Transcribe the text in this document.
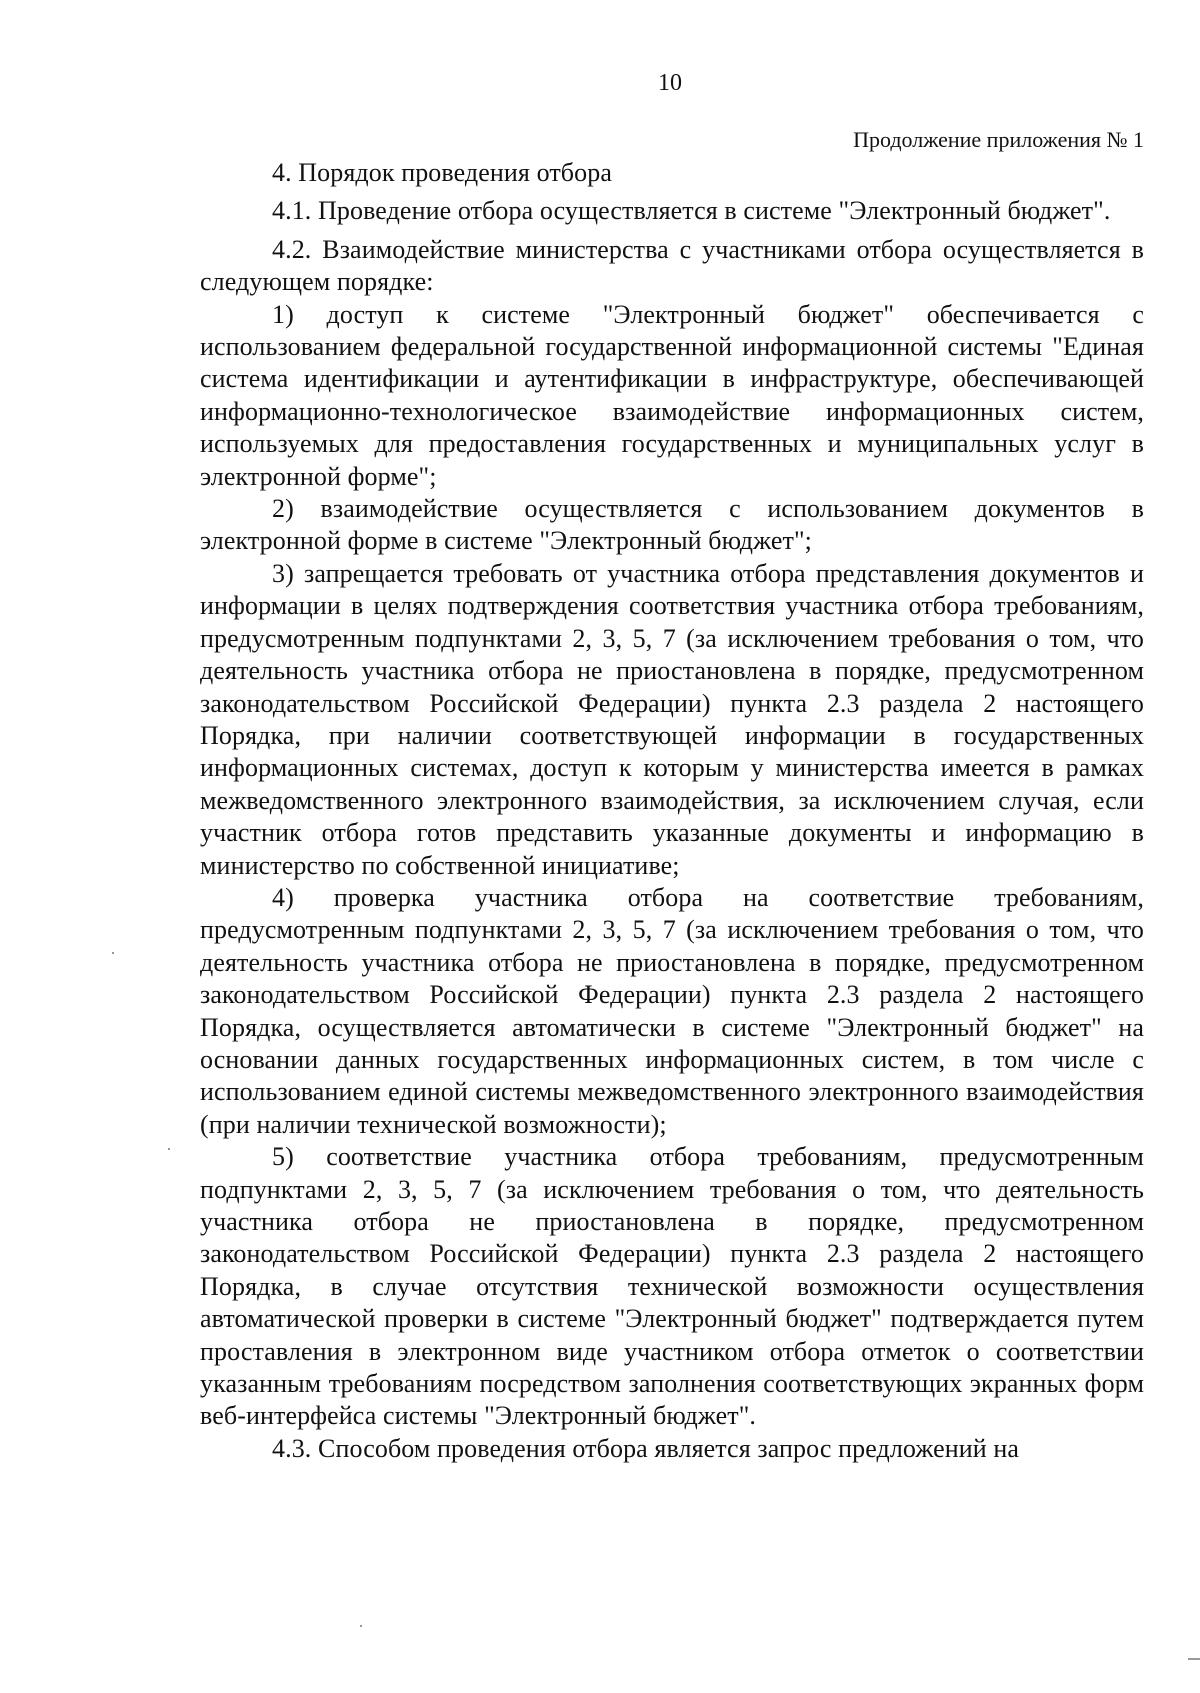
10
Продолжение приложения № 1

4. Порядок проведения отбора

4.1. Проведение отбора осуществляется в системе "Электронный бюджет".

4.2. Взаимодействие министерства с участниками отбора осуществляется в следующем порядке:

1) доступ к системе "Электронный бюджет" обеспечивается с использованием федеральной государственной информационной системы "Единая система идентификации и аутентификации в инфраструктуре, обеспечивающей информационно-технологическое взаимодействие информационных систем, используемых для предоставления государственных и муниципальных услуг в электронной форме";

2) взаимодействие осуществляется с использованием документов в электронной форме в системе "Электронный бюджет";

3) запрещается требовать от участника отбора представления документов и информации в целях подтверждения соответствия участника отбора требованиям, предусмотренным подпунктами 2, 3, 5, 7 (за исключением требования о том, что деятельность участника отбора не приостановлена в порядке, предусмотренном законодательством Российской Федерации) пункта 2.3 раздела 2 настоящего Порядка, при наличии соответствующей информации в государственных информационных системах, доступ к которым у министерства имеется в рамках межведомственного электронного взаимодействия, за исключением случая, если участник отбора готов представить указанные документы и информацию в министерство по собственной инициативе;

4) проверка участника отбора на соответствие требованиям, предусмотренным подпунктами 2, 3, 5, 7 (за исключением требования о том, что деятельность участника отбора не приостановлена в порядке, предусмотренном законодательством Российской Федерации) пункта 2.3 раздела 2 настоящего Порядка, осуществляется автоматически в системе "Электронный бюджет" на основании данных государственных информационных систем, в том числе с использованием единой системы межведомственного электронного взаимодействия (при наличии технической возможности);

5) соответствие участника отбора требованиям, предусмотренным подпунктами 2, 3, 5, 7 (за исключением требования о том, что деятельность участника отбора не приостановлена в порядке, предусмотренном законодательством Российской Федерации) пункта 2.3 раздела 2 настоящего Порядка, в случае отсутствия технической возможности осуществления автоматической проверки в системе "Электронный бюджет" подтверждается путем проставления в электронном виде участником отбора отметок о соответствии указанным требованиям посредством заполнения соответствующих экранных форм веб-интерфейса системы "Электронный бюджет".

4.3. Способом проведения отбора является запрос предложений на
